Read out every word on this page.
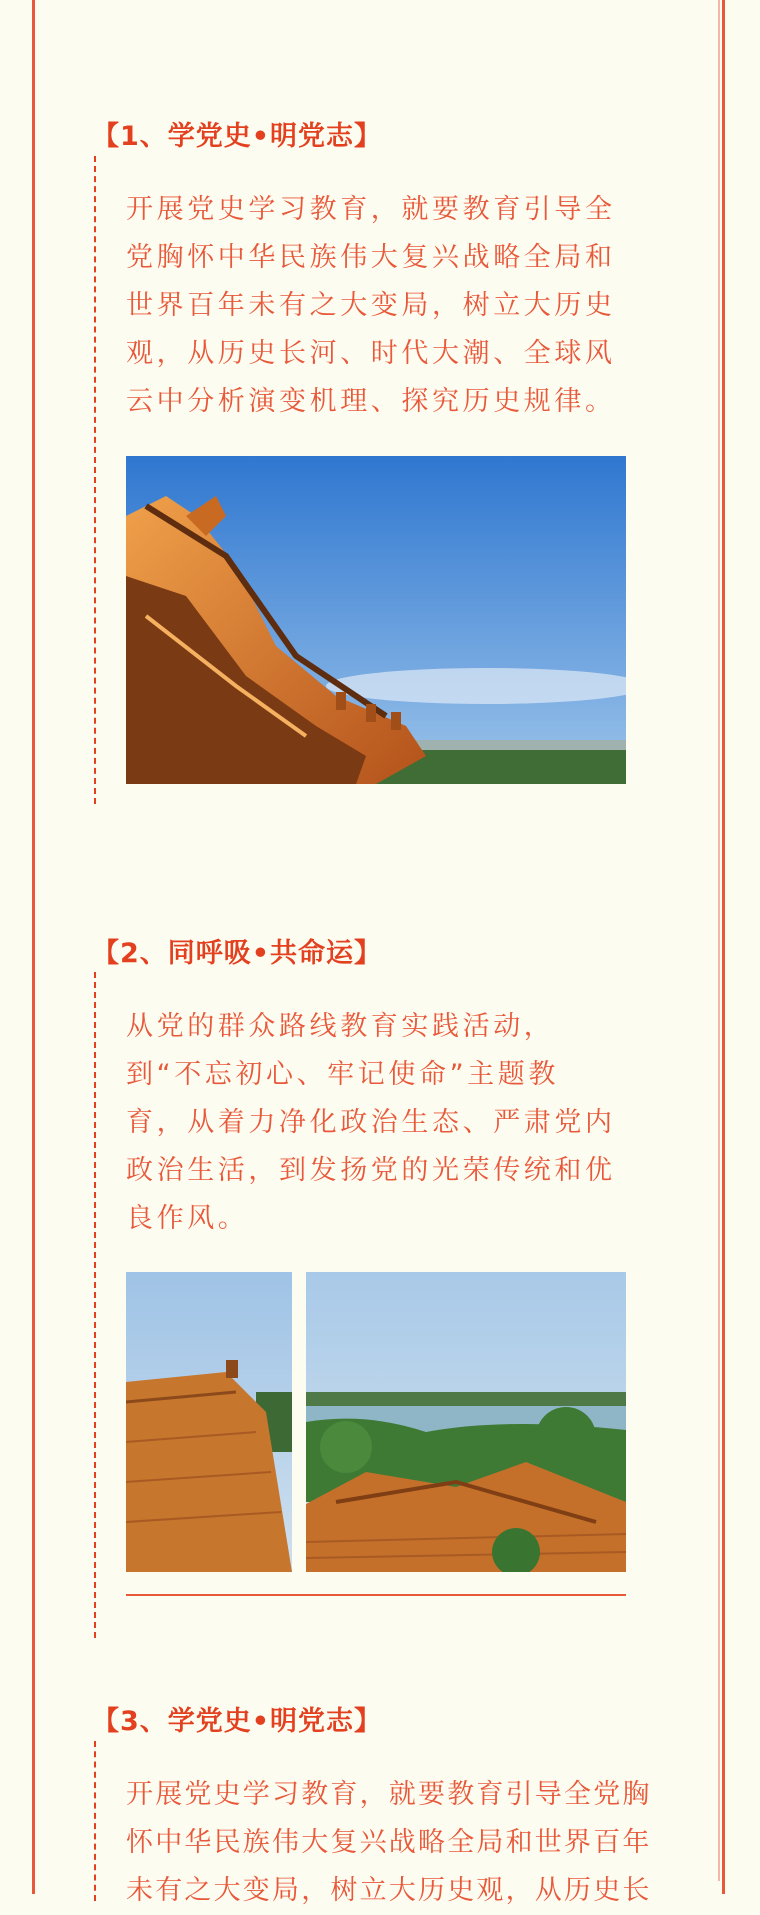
【1、学党史•明党志】

开展党史学习教育，就要教育引导全
党胸怀中华民族伟大复兴战略全局和
世界百年未有之大变局，树立大历史
观，从历史长河、时代大潮、全球风
云中分析演变机理、探究历史规律。

【2、同呼吸•共命运】

从党的群众路线教育实践活动，
到“不忘初心、牢记使命”主题教
育，从着力净化政治生态、严肃党内
政治生活，到发扬党的光荣传统和优
良作风。

【3、学党史•明党志】

开展党史学习教育，就要教育引导全党胸
怀中华民族伟大复兴战略全局和世界百年
未有之大变局，树立大历史观，从历史长
